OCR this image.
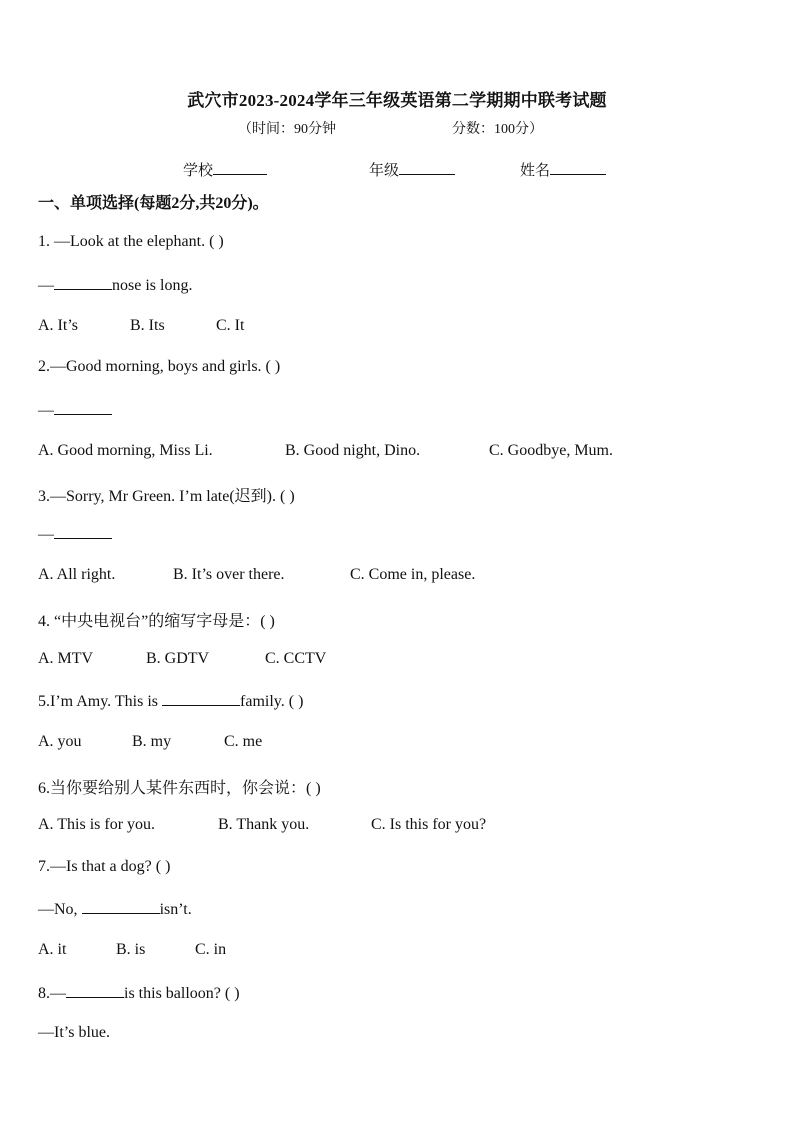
武穴市2023-2024学年三年级英语第二学期期中联考试题
（时间：90分钟	分数：100分）
学校	年级	姓名
一、单项选择(每题2分,共20分)。
1. —Look at the elephant. ( )
—	nose is long.
A. It’s	B. Its	C. It
2.—Good morning, boys and girls. ( )
—
A. Good morning, Miss Li.	B. Good night, Dino.	C. Goodbye, Mum.
3.—Sorry, Mr Green. I’m late(迟到). ( )
—
A. All right.	B. It’s over there.	C. Come in, please.
4. “中央电视台”的缩写字母是：( )
A. MTV	B. GDTV	C. CCTV
5.I’m Amy. This is	family. ( )
A. you	B. my	C. me
6.当你要给别人某件东西时，你会说：( )
A. This is for you.	B. Thank you.	C. Is this for you?
7.—Is that a dog? ( )
—No,	isn’t.
A. it	B. is	C. in
8.—	is this balloon? ( )
—It’s blue.
